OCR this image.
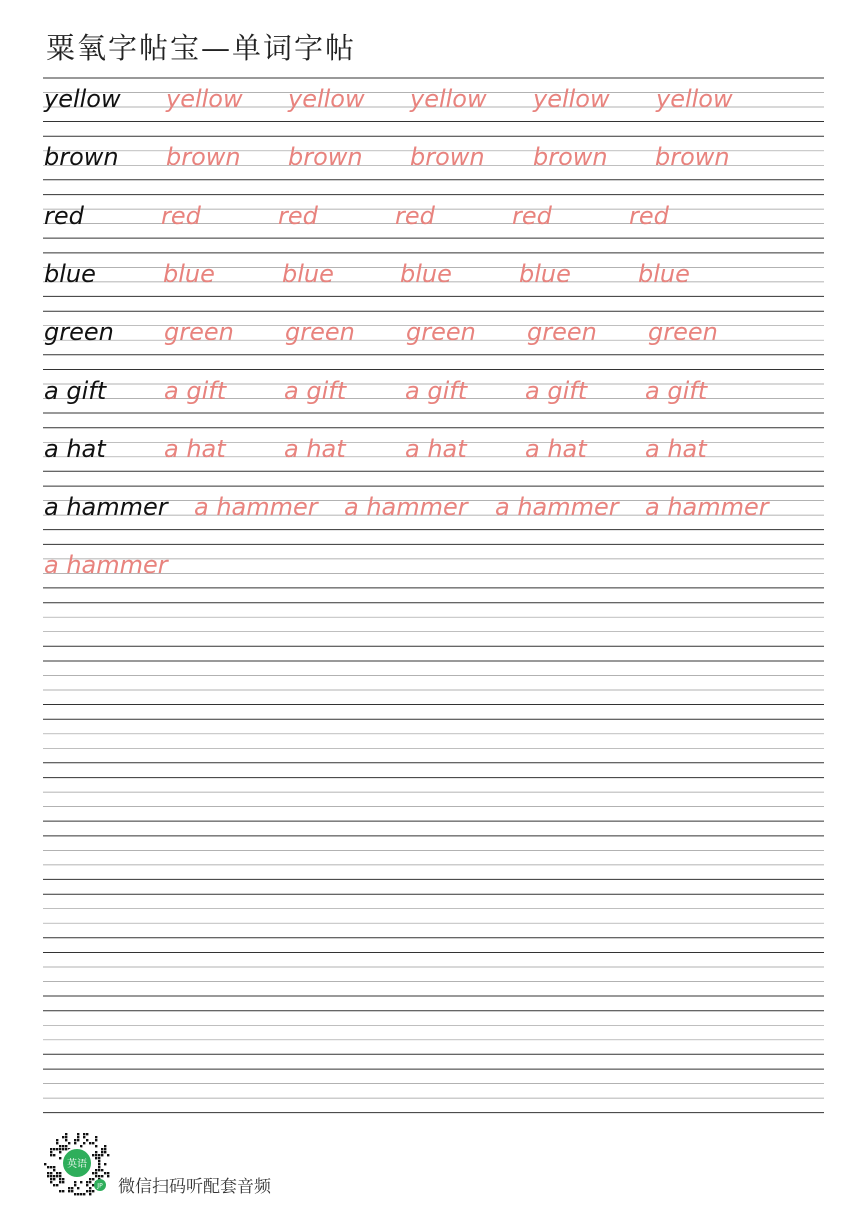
粟氧字帖宝—单词字帖
yellow yellow yellow yellow yellow yellow
brown brown brown brown brown brown
red	red	red	red	red	red
blue	blue	blue	blue	blue	blue
green green green green green green
a gift a gift a gift a gift a gift a gift
a hat a hat a hat a hat a hat a hat
a hammer a hammer a hammer a hammer a hammer
a hammer
英语
JP 微信扫码听配套音频
